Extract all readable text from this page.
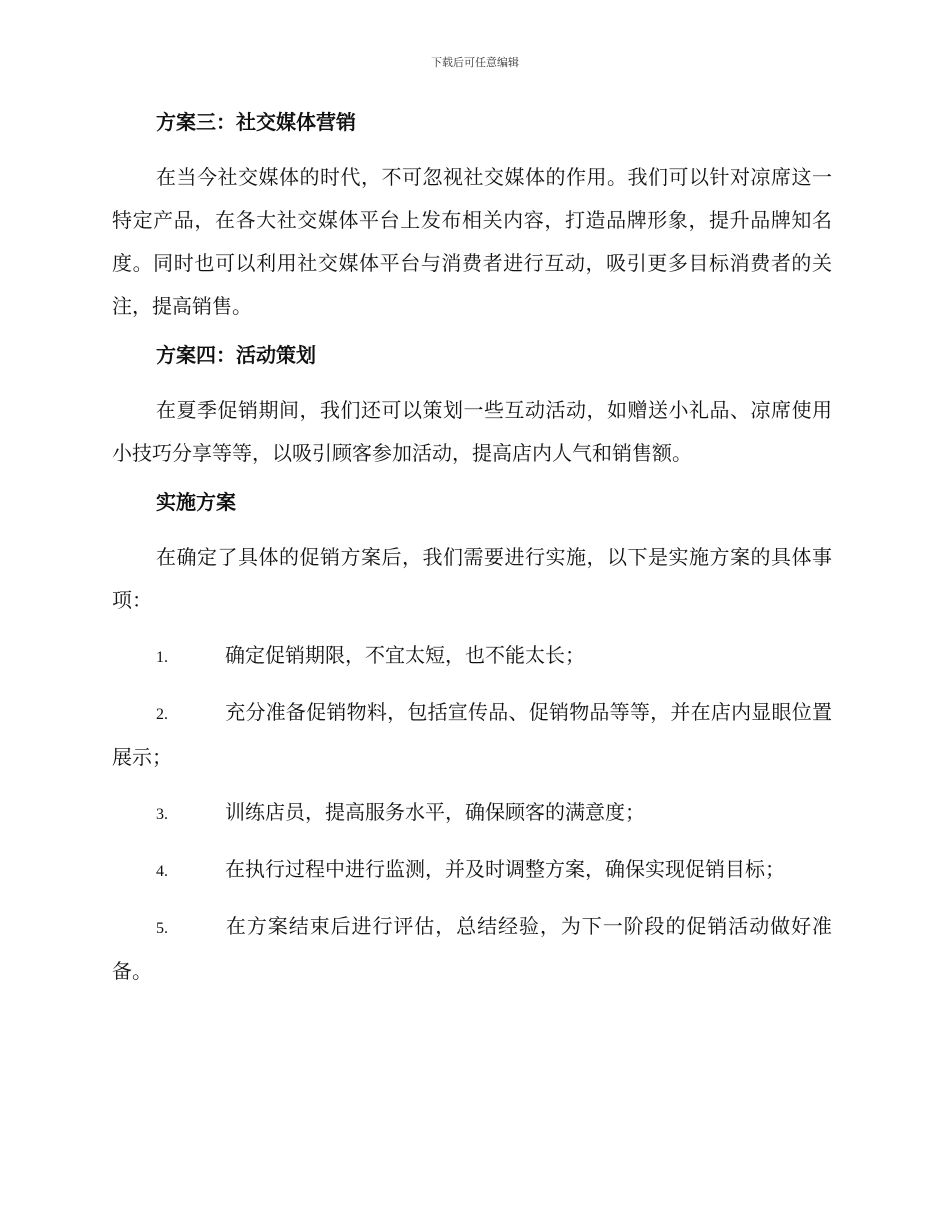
下载后可任意编辑
方案三：社交媒体营销

在当今社交媒体的时代，不可忽视社交媒体的作用。我们可以针对凉席这一特定产品，在各大社交媒体平台上发布相关内容，打造品牌形象，提升品牌知名度。同时也可以利用社交媒体平台与消费者进行互动，吸引更多目标消费者的关注，提高销售。

方案四：活动策划

在夏季促销期间，我们还可以策划一些互动活动，如赠送小礼品、凉席使用小技巧分享等等，以吸引顾客参加活动，提高店内人气和销售额。

实施方案

在确定了具体的促销方案后，我们需要进行实施，以下是实施方案的具体事项：

1.	确定促销期限，不宜太短，也不能太长；

2.	充分准备促销物料，包括宣传品、促销物品等等，并在店内显眼位置展示；

3.	训练店员，提高服务水平，确保顾客的满意度；

4.	在执行过程中进行监测，并及时调整方案，确保实现促销目标；

5.	在方案结束后进行评估，总结经验，为下一阶段的促销活动做好准备。
